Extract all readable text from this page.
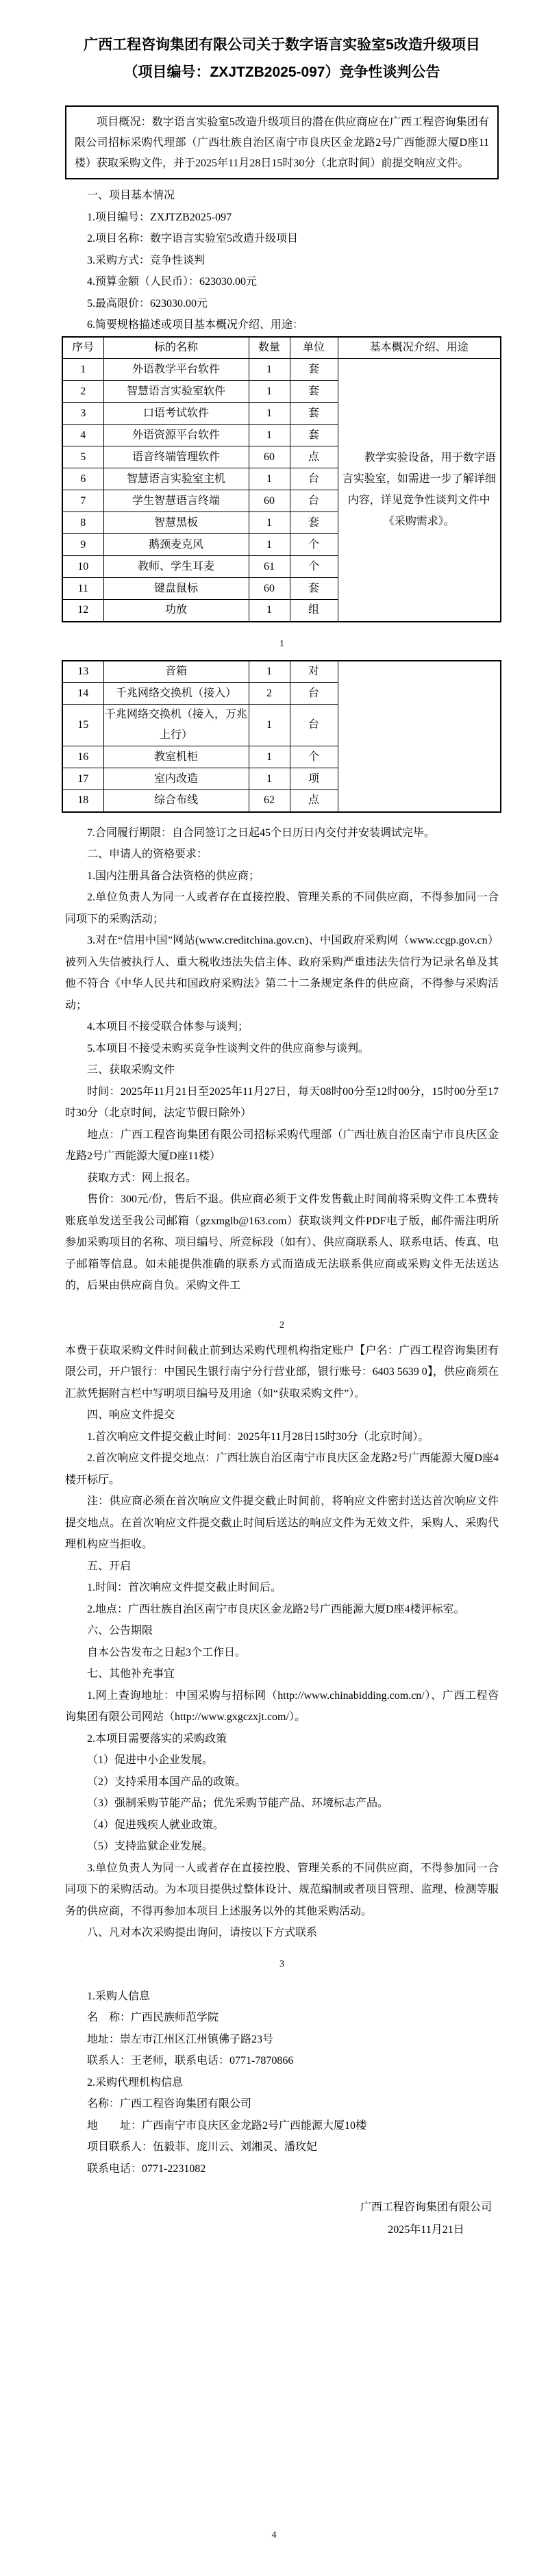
广西工程咨询集团有限公司关于数字语言实验室5改造升级项目
（项目编号：ZXJTZB2025-097）竞争性谈判公告

项目概况：数字语言实验室5改造升级项目的潜在供应商应在广西工程咨询集团有限公司招标采购代理部（广西壮族自治区南宁市良庆区金龙路2号广西能源大厦D座11楼）获取采购文件，并于2025年11月28日15时30分（北京时间）前提交响应文件。

一、项目基本情况

1.项目编号：ZXJTZB2025-097

2.项目名称：数字语言实验室5改造升级项目

3.采购方式：竞争性谈判

4.预算金额（人民币）：623030.00元

5.最高限价：623030.00元

6.简要规格描述或项目基本概况介绍、用途：

序号	标的名称	数量	单位	基本概况介绍、用途
1	外语教学平台软件	1	套	教学实验设备，用于数字语言实验室，如需进一步了解详细内容，详见竞争性谈判文件中《采购需求》。

2	智慧语言实验室软件	1	套	
3	口语考试软件	1	套	
4	外语资源平台软件	1	套	
5	语音终端管理软件	60	点	
6	智慧语言实验室主机	1	台	
7	学生智慧语言终端	60	台	
8	智慧黑板	1	套	
9	鹅颈麦克风	1	个	
10	教师、学生耳麦	61	个	
11	键盘鼠标	60	套	
12	功放	1	组	
1
13	音箱	1	对	
14	千兆网络交换机（接入）	2	台	
15	千兆网络交换机（接入，万兆上行）	1	台	
16	教室机柜	1	个	
17	室内改造	1	项	
18	综合布线	62	点	

7.合同履行期限：自合同签订之日起45个日历日内交付并安装调试完毕。

二、申请人的资格要求：

1.国内注册具备合法资格的供应商；

2.单位负责人为同一人或者存在直接控股、管理关系的不同供应商，不得参加同一合同项下的采购活动；

3.对在“信用中国”网站(www.creditchina.gov.cn)、中国政府采购网（www.ccgp.gov.cn）被列入失信被执行人、重大税收违法失信主体、政府采购严重违法失信行为记录名单及其他不符合《中华人民共和国政府采购法》第二十二条规定条件的供应商，不得参与采购活动；

4.本项目不接受联合体参与谈判；

5.本项目不接受未购买竞争性谈判文件的供应商参与谈判。

三、获取采购文件

时间：2025年11月21日至2025年11月27日，每天08时00分至12时00分，15时00分至17时30分（北京时间，法定节假日除外）

地点：广西工程咨询集团有限公司招标采购代理部（广西壮族自治区南宁市良庆区金龙路2号广西能源大厦D座11楼）

获取方式：网上报名。

售价：300元/份，售后不退。供应商必须于文件发售截止时间前将采购文件工本费转账底单发送至我公司邮箱（gzxmglb@163.com）获取谈判文件PDF电子版，邮件需注明所参加采购项目的名称、项目编号、所竞标段（如有）、供应商联系人、联系电话、传真、电子邮箱等信息。如未能提供准确的联系方式而造成无法联系供应商或采购文件无法送达的，后果由供应商自负。采购文件工

2

本费于获取采购文件时间截止前到达采购代理机构指定账户【户名：广西工程咨询集团有限公司，开户银行：中国民生银行南宁分行营业部，银行账号：6403 5639 0】，供应商须在汇款凭据附言栏中写明项目编号及用途（如“获取采购文件”）。

四、响应文件提交

1.首次响应文件提交截止时间：2025年11月28日15时30分（北京时间）。

2.首次响应文件提交地点：广西壮族自治区南宁市良庆区金龙路2号广西能源大厦D座4楼开标厅。

注：供应商必须在首次响应文件提交截止时间前，将响应文件密封送达首次响应文件提交地点。在首次响应文件提交截止时间后送达的响应文件为无效文件，采购人、采购代理机构应当拒收。

五、开启

1.时间：首次响应文件提交截止时间后。

2.地点：广西壮族自治区南宁市良庆区金龙路2号广西能源大厦D座4楼评标室。

六、公告期限

自本公告发布之日起3个工作日。

七、其他补充事宜

1.网上查询地址：中国采购与招标网（http://www.chinabidding.com.cn/）、广西工程咨询集团有限公司网站（http://www.gxgczxjt.com/）。

2.本项目需要落实的采购政策

（1）促进中小企业发展。

（2）支持采用本国产品的政策。

（3）强制采购节能产品；优先采购节能产品、环境标志产品。

（4）促进残疾人就业政策。

（5）支持监狱企业发展。

3.单位负责人为同一人或者存在直接控股、管理关系的不同供应商，不得参加同一合同项下的采购活动。为本项目提供过整体设计、规范编制或者项目管理、监理、检测等服务的供应商，不得再参加本项目上述服务以外的其他采购活动。

八、凡对本次采购提出询问，请按以下方式联系

3

1.采购人信息

名　称：广西民族师范学院

地址：崇左市江州区江州镇佛子路23号

联系人：王老师，联系电话：0771-7870866

2.采购代理机构信息

名称：广西工程咨询集团有限公司

地　　址：广西南宁市良庆区金龙路2号广西能源大厦10楼

项目联系人：伍毅菲、庞川云、刘湘灵、潘玫妃

联系电话：0771-2231082

广西工程咨询集团有限公司
2025年11月21日
4
